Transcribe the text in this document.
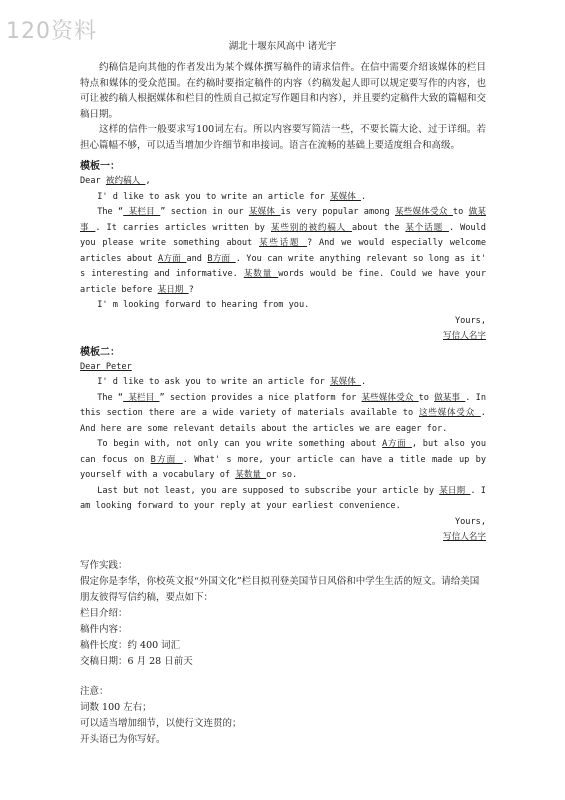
120资料
湖北十堰东风高中 诸光宇

约稿信是向其他的作者发出为某个媒体撰写稿件的请求信件。在信中需要介绍该媒体的栏目特点和媒体的受众范围。在约稿时要指定稿件的内容（约稿发起人即可以规定要写作的内容，也可让被约稿人根据媒体和栏目的性质自己拟定写作题目和内容），并且要约定稿件大致的篇幅和交稿日期。

这样的信件一般要求写100词左右。所以内容要写简洁一些，不要长篇大论、过于详细。若担心篇幅不够，可以适当增加少许细节和串接词。语言在流畅的基础上要适度组合和高级。

模板一：

Dear 被约稿人 ,

I' d like to ask you to write an article for 某媒体 .

The “ 某栏目 ” section in our 某媒体 is very popular among 某些媒体受众 to 做某事 . It carries articles written by 某些别的被约稿人 about the 某个话题 . Would you please write something about 某些话题 ? And we would especially welcome articles about A方面 and B方面 . You can write anything relevant so long as it' s interesting and informative. 某数量 words would be fine. Could we have your article before 某日期 ?

I' m looking forward to hearing from you.

Yours,

写信人名字

模板二：

Dear Peter

I' d like to ask you to write an article for 某媒体 .

The “ 某栏目 ” section provides a nice platform for 某些媒体受众 to 做某事 . In this section there are a wide variety of materials available to 这些媒体受众 . And here are some relevant details about the articles we are eager for.

To begin with, not only can you write something about A方面 , but also you can focus on B方面 . What' s more, your article can have a title made up by yourself with a vocabulary of 某数量 or so.

Last but not least, you are supposed to subscribe your article by 某日期 . I am looking forward to your reply at your earliest convenience.

Yours,

写信人名字

写作实践：

假定你是李华，你校英文报“外国文化”栏目拟刊登美国节日风俗和中学生生活的短文。请给美国朋友彼得写信约稿，要点如下：

栏目介绍：

稿件内容：

稿件长度：约 400 词汇

交稿日期：6 月 28 日前天

注意：

词数 100 左右；

可以适当增加细节，以使行文连贯的；

开头语已为你写好。
